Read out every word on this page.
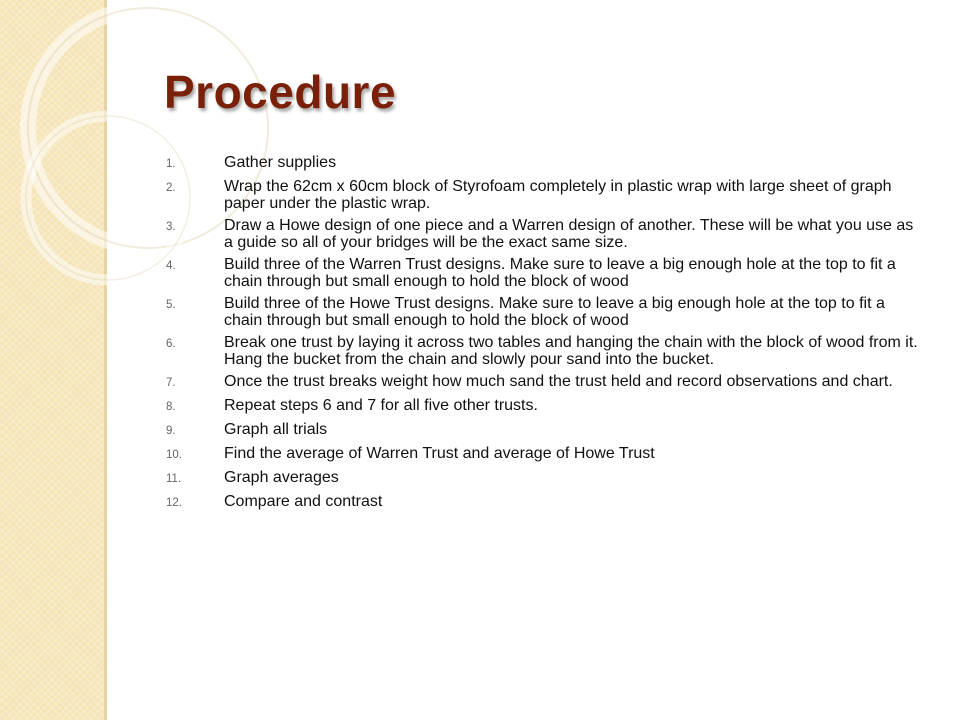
Procedure
1.	Gather supplies
2.	Wrap the 62cm x 60cm block of Styrofoam completely in plastic wrap with large sheet of graph paper under the plastic wrap.
3.	Draw a Howe design of one piece and a Warren design of another. These will be what you use as a guide so all of your bridges will be the exact same size.
4.	Build three of the Warren Trust designs. Make sure to leave a big enough hole at the top to fit a chain through but small enough to hold the block of wood
5.	Build three of the Howe Trust designs. Make sure to leave a big enough hole at the top to fit a chain through but small enough to hold the block of wood
6.	Break one trust by laying it across two tables and hanging the chain with the block of wood from it. Hang the bucket from the chain and slowly pour sand into the bucket.
7.	Once the trust breaks weight how much sand the trust held and record observations and chart.
8.	Repeat steps 6 and 7 for all five other trusts.
9.	Graph all trials
10.	Find the average of Warren Trust and average of Howe Trust
11.	Graph averages
12.	Compare and contrast
